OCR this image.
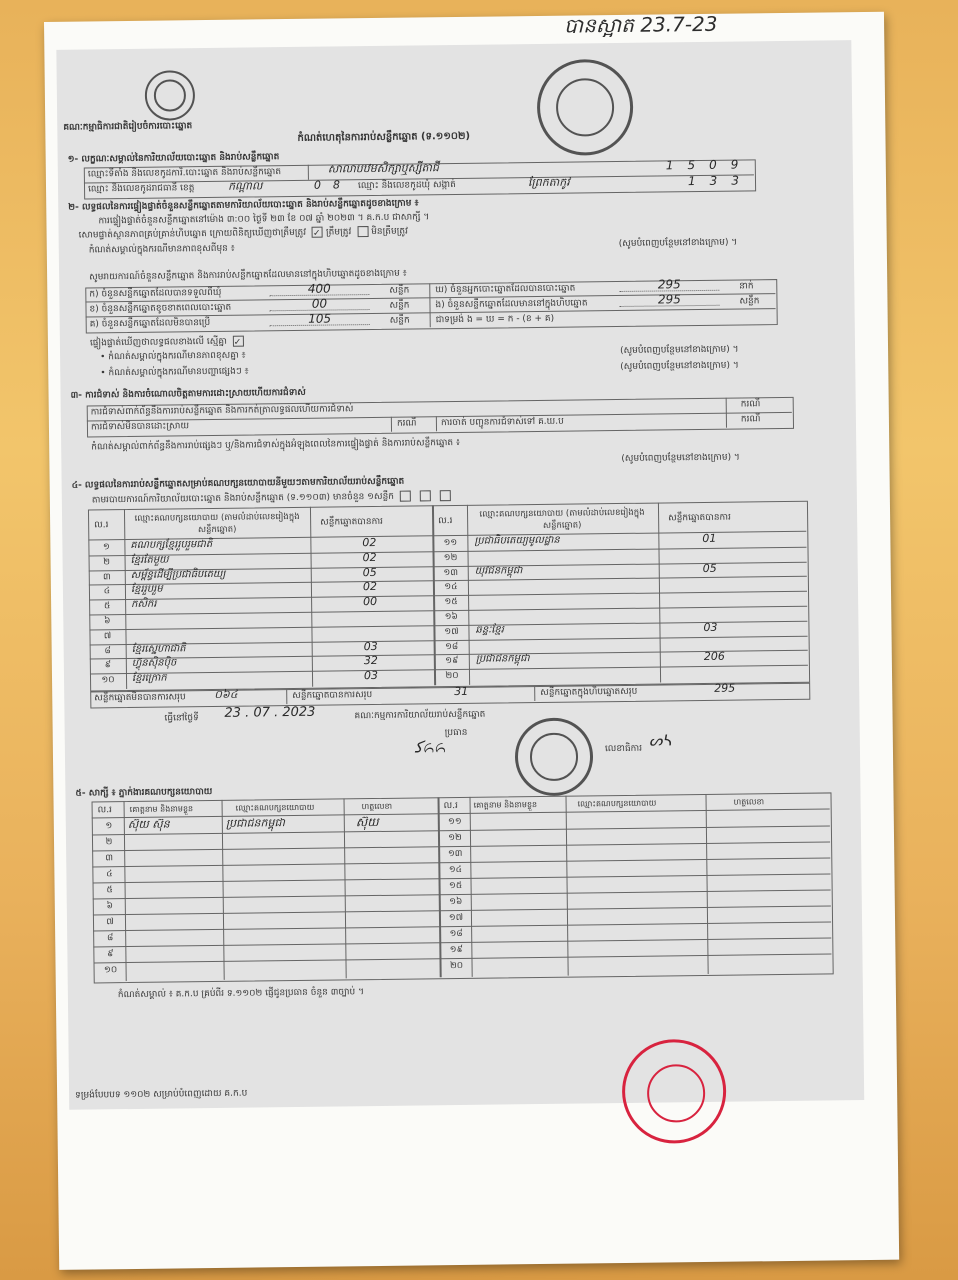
បានស្អាត 23.7-23
គណៈកម្មាធិការជាតិរៀបចំការបោះឆ្នោត
កំណត់ហេតុនៃការរាប់សន្លឹកឆ្នោត (ទ.១១០២)
១- លក្ខណៈសម្គាល់នៃការិយាល័យបោះឆ្នោត និងរាប់សន្លឹកឆ្នោត
ឈ្មោះទីតាំង និងលេខកូដការិ.បោះឆ្នោត និងរាប់សន្លឹកឆ្នោត	សាលាបឋមសិក្សាឬស្សីតាជី	1509
ឈ្មោះ និងលេខកូដរាជធានី ខេត្ត	កណ្តាល	08 ឈ្មោះ និងលេខកូដឃុំ សង្កាត់	ព្រែកតាកូវ	133
២- លទ្ធផលនៃការផ្ទៀងផ្ទាត់ចំនួនសន្លឹកឆ្នោតតាមការិយាល័យបោះឆ្នោត និងរាប់សន្លឹកឆ្នោតដូចខាងក្រោម ៖
ការផ្ទៀងផ្ទាត់ចំនួនសន្លឹកឆ្នោតនៅម៉ោង ៣:០០ ថ្ងៃទី ២៣ ខែ ០៧ ឆ្នាំ ២០២៣ ។ គ.ក.ប ជាសាក្សី ។
សោមផ្ទាត់ស្ថានភាពគ្រប់គ្រាន់ហិបឆ្នោត ក្រោយពិនិត្យឃើញថាត្រឹមត្រូវ ✓ ត្រឹមត្រូវ មិនត្រឹមត្រូវ
កំណត់សម្គាល់ក្នុងករណីមានភាពខុសពីមុន ៖
(សូមបំពេញបន្ថែមនៅខាងក្រោម) ។
សូមរាយការណ៍ចំនួនសន្លឹកឆ្នោត និងការរាប់សន្លឹកឆ្នោតដែលមាននៅក្នុងហិបឆ្នោតដូចខាងក្រោម ៖
ក) ចំនួនសន្លឹកឆ្នោតដែលបានទទួលពីឃុំ	400	សន្លឹក
ខ) ចំនួនសន្លឹកឆ្នោតខូចខាតពេលបោះឆ្នោត	00	សន្លឹក
គ) ចំនួនសន្លឹកឆ្នោតដែលមិនបានប្រើ	105	សន្លឹក
ឃ) ចំនួនអ្នកបោះឆ្នោតដែលបានបោះឆ្នោត	295	នាក់
ង) ចំនួនសន្លឹកឆ្នោតដែលមាននៅក្នុងហិបឆ្នោត	295	សន្លឹក
ជាទម្រង់ ង = ឃ = ក - (ខ + គ)
ផ្ទៀងផ្ទាត់ឃើញថាលទ្ធផលខាងលើ ស្មើគ្នា ✓
• កំណត់សម្គាល់ក្នុងករណីមានភាពខុសគ្នា ៖
(សូមបំពេញបន្ថែមនៅខាងក្រោម) ។
• កំណត់សម្គាល់ក្នុងករណីមានបញ្ហាផ្សេងៗ ៖
(សូមបំពេញបន្ថែមនៅខាងក្រោម) ។
៣- ការជំទាស់ និងការចំណោលចិត្តតាមការដោះស្រាយហើយការជំទាស់
ការជំទាស់ពាក់ព័ន្ធនឹងការរាប់សន្លឹកឆ្នោត និងការកត់ត្រាលទ្ធផលហើយការជំទាស់	ករណី
ការជំទាស់មិនបានដោះស្រាយ	ករណី	ការចាត់ បញ្ជូនការជំទាស់ទៅ គ.ឃ.ប	ករណី
កំណត់សម្គាល់ពាក់ព័ន្ធនឹងការរាប់ផ្សេងៗ ឬ/និងការជំទាស់ក្នុងអំឡុងពេលនៃការផ្ទៀងផ្ទាត់ និងការរាប់សន្លឹកឆ្នោត ៖
(សូមបំពេញបន្ថែមនៅខាងក្រោម) ។
៤- លទ្ធផលនៃការរាប់សន្លឹកឆ្នោតសម្រាប់គណបក្សនយោបាយនីមួយៗតាមការិយាល័យរាប់សន្លឹកឆ្នោត
តាមរបាយការណ៍ការិយាល័យបោះឆ្នោត និងរាប់សន្លឹកឆ្នោត (ទ.១១០៣) មានចំនួន ១សន្លឹក
ល.រ
ឈ្មោះគណបក្សនយោបាយ (តាមលំដាប់លេខរៀងក្នុងសន្លឹកឆ្នោត)
សន្លឹកឆ្នោតបានការ	ល.រ
ឈ្មោះគណបក្សនយោបាយ (តាមលំដាប់លេខរៀងក្នុងសន្លឹកឆ្នោត)
សន្លឹកឆ្នោតបានការ
១	គណបក្សខ្មែររួបរួមជាតិ	02	១១	ប្រជាធិបតេយ្យមូលដ្ឋាន	01
២	ខ្មែរតែមួយ	02	១២
៣	សម្ព័ន្ធដើម្បីប្រជាធិបតេយ្យ	05	១៣	យុវជនកម្ពុជា	05
៤	ខ្មែររួបរួម	02	១៤
៥	កសិករ	00	១៥
៦	១៦
៧	១៧	ឆន្ទៈខ្មែរ	03
៨	ខ្មែរស្នេហាជាតិ	03	១៨
៩	ហ៊្វុនស៊ិនប៉ិច	32	១៩	ប្រជាជនកម្ពុជា	206
១០	ខ្មែរក្រោក	03	២០
សន្លឹកឆ្នោតមិនបានការសរុប	០៦៤	សន្លឹកឆ្នោតបានការសរុប	31	សន្លឹកឆ្នោតក្នុងហិបឆ្នោតសរុប	295
ធ្វើនៅថ្ងៃទី 23 . 07 . 2023	គណៈកម្មការការិយាល័យរាប់សន្លឹកឆ្នោត
ប្រធាន
ﮐ᭖᭖	លេខាធិការ ᔕᓴ
៥- សាក្សី ៖ ភ្នាក់ងារគណបក្សនយោបាយ
ល.រ គោត្តនាម និងនាមខ្លួន	ឈ្មោះគណបក្សនយោបាយ	ហត្ថលេខា	ល.រ គោត្តនាម និងនាមខ្លួន	ឈ្មោះគណបក្សនយោបាយ	ហត្ថលេខា
១	ស៊ុយ ស៊ុន	ប្រជាជនកម្ពុជា	ស៊ុយ	១១
២	១២
៣	១៣
៤	១៤
៥	១៥
៦	១៦
៧	១៧
៨	១៨
៩	១៩
១០	២០
កំណត់សម្គាល់ ៖ គ.ក.ប គ្រប់ពីរ ទ.១១០២ ផ្ញើជូនប្រធាន ចំនួន ៣ច្បាប់ ។
ទម្រង់បែបបទ ១១០២ សម្រាប់បំពេញដោយ គ.ក.ប
